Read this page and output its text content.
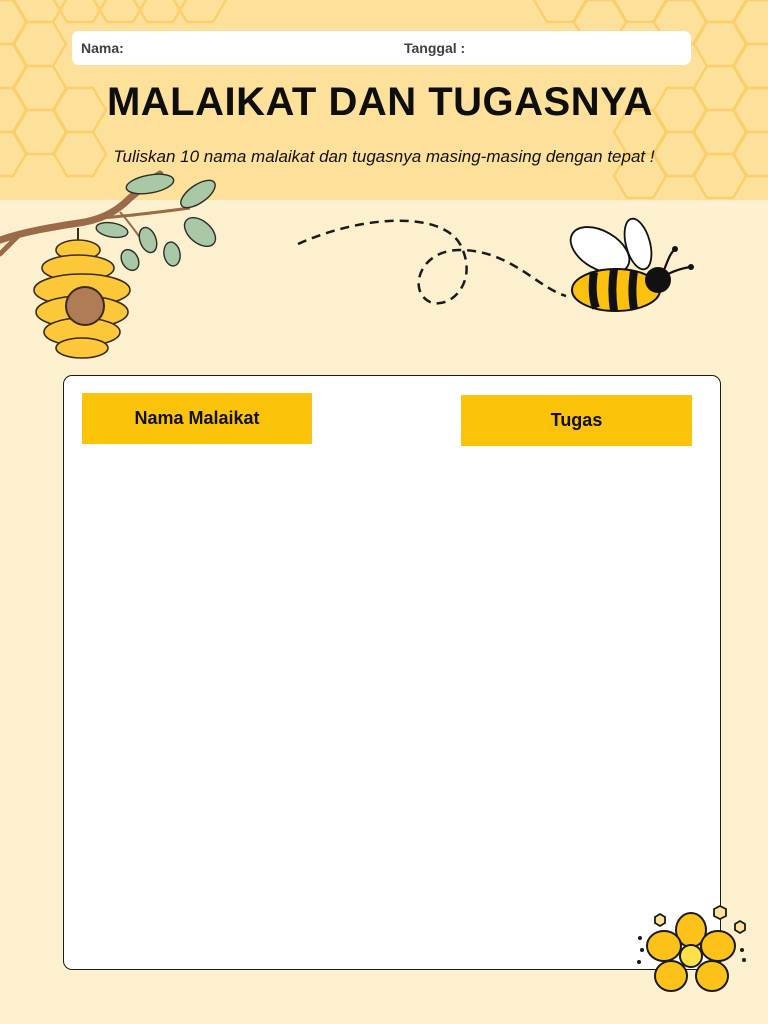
Nama:	Tanggal :
MALAIKAT DAN TUGASNYA
Tuliskan 10 nama malaikat dan tugasnya masing-masing dengan tepat !
Nama Malaikat	Tugas
